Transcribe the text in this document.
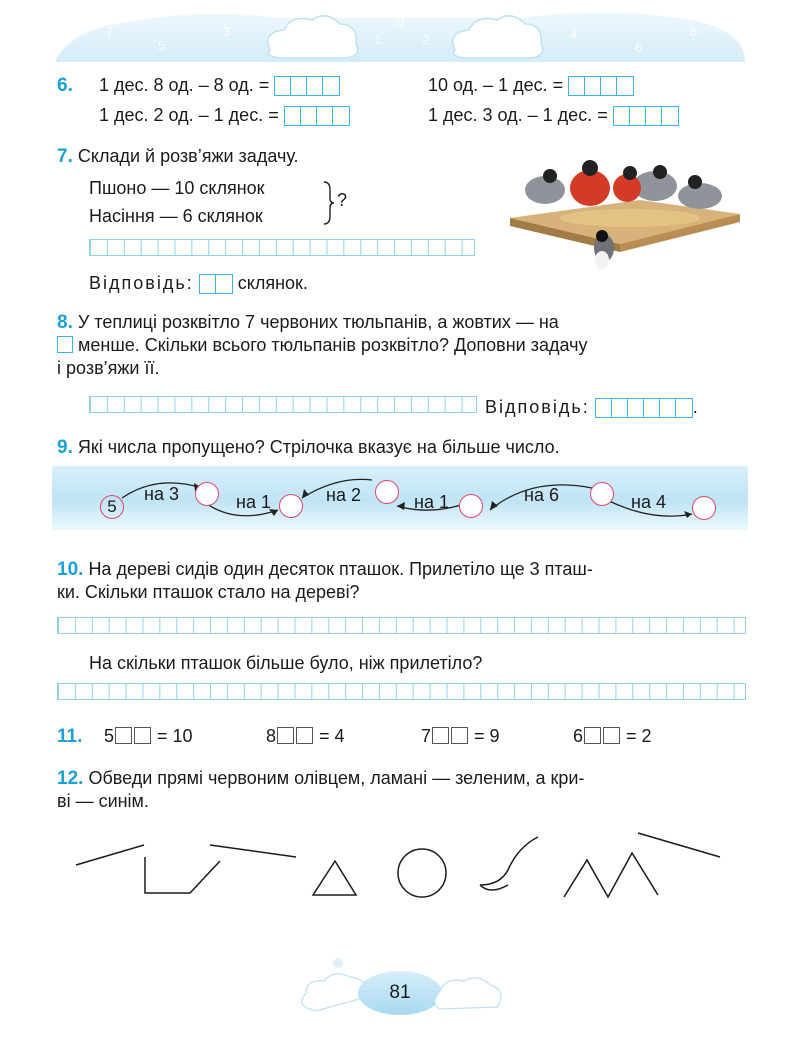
7
5
3
1
0
2	4
6
8
6. 1 дес. 8 од. – 8 од. =	10 од. – 1 дес. =
1 дес. 2 од. – 1 дес. =	1 дес. 3 од. – 1 дес. =
7. Склади й розв’яжи задачу.
Пшоно — 10 склянок
Насіння — 6 склянок
?
Відповідь: склянок.
8. У теплиці розквітло 7 червоних тюльпанів, а жовтих — на
менше. Скільки всього тюльпанів розквітло? Доповни задачу
і розв’яжи її.
Відповідь:	.
9. Які числа пропущено? Стрілочка вказує на більше число.
5
на 3	на 1	на 2	на 1	на 6	на 4
10. На дереві сидів один десяток пташок. Прилетіло ще 3 пташ-
ки. Скільки пташок стало на дереві?
На скільки пташок більше було, ніж прилетіло?
11. 5 = 10	8 = 4	7 = 9	6 = 2
12. Обведи прямі червоним олівцем, ламані — зеленим, а кри-
ві — синім.
81
